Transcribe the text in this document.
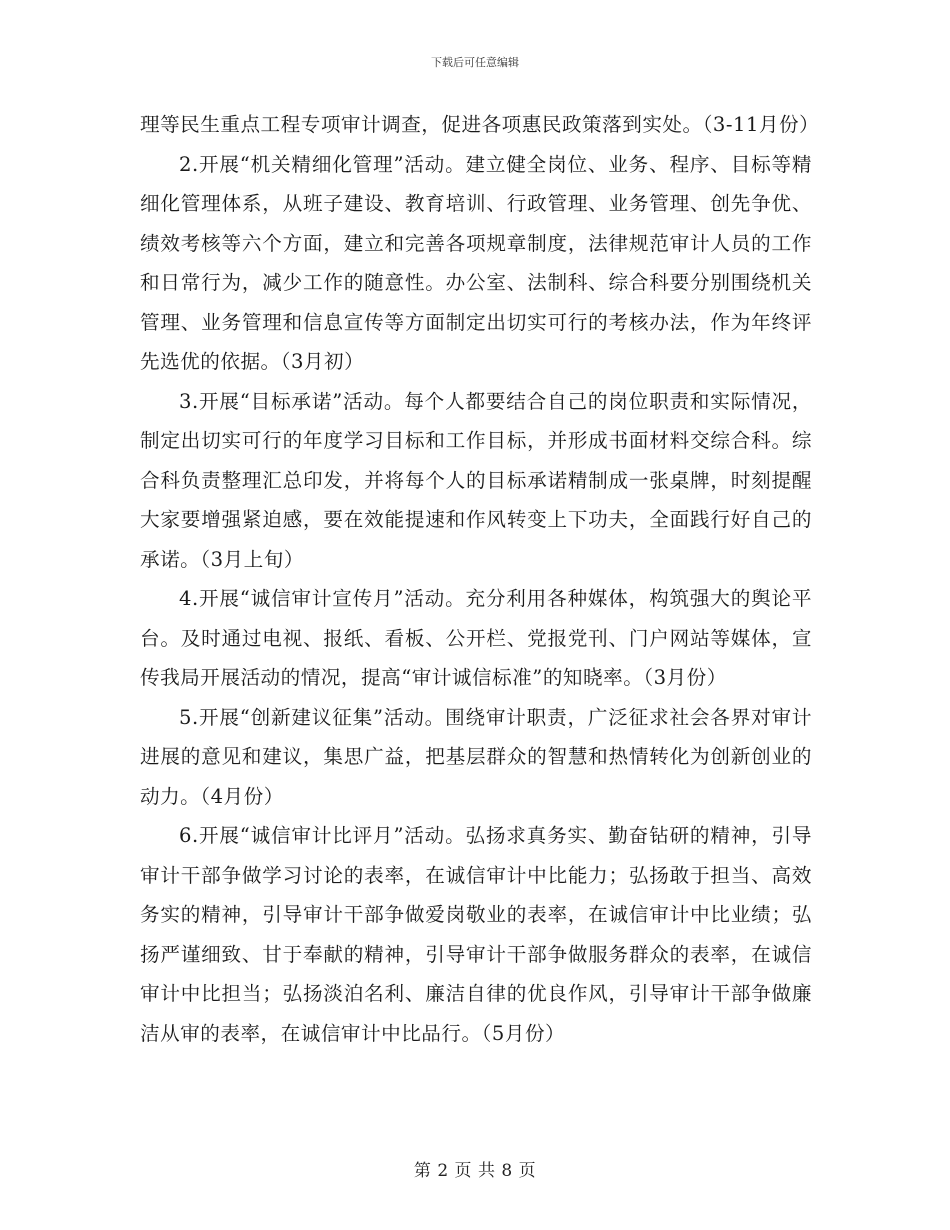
下载后可任意编辑

理等民生重点工程专项审计调查，促进各项惠民政策落到实处。（3-11月份）

2.开展“机关精细化管理”活动。建立健全岗位、业务、程序、目标等精细化管理体系，从班子建设、教育培训、行政管理、业务管理、创先争优、绩效考核等六个方面，建立和完善各项规章制度，法律规范审计人员的工作和日常行为，减少工作的随意性。办公室、法制科、综合科要分别围绕机关管理、业务管理和信息宣传等方面制定出切实可行的考核办法，作为年终评先选优的依据。（3月初）

3.开展“目标承诺”活动。每个人都要结合自己的岗位职责和实际情况，制定出切实可行的年度学习目标和工作目标，并形成书面材料交综合科。综合科负责整理汇总印发，并将每个人的目标承诺精制成一张桌牌，时刻提醒大家要增强紧迫感，要在效能提速和作风转变上下功夫，全面践行好自己的承诺。（3月上旬）

4.开展“诚信审计宣传月”活动。充分利用各种媒体，构筑强大的舆论平台。及时通过电视、报纸、看板、公开栏、党报党刊、门户网站等媒体，宣传我局开展活动的情况，提高“审计诚信标准”的知晓率。（3月份）

5.开展“创新建议征集”活动。围绕审计职责，广泛征求社会各界对审计进展的意见和建议，集思广益，把基层群众的智慧和热情转化为创新创业的动力。（4月份）

6.开展“诚信审计比评月”活动。弘扬求真务实、勤奋钻研的精神，引导审计干部争做学习讨论的表率，在诚信审计中比能力；弘扬敢于担当、高效务实的精神，引导审计干部争做爱岗敬业的表率，在诚信审计中比业绩；弘扬严谨细致、甘于奉献的精神，引导审计干部争做服务群众的表率，在诚信审计中比担当；弘扬淡泊名利、廉洁自律的优良作风，引导审计干部争做廉洁从审的表率，在诚信审计中比品行。（5月份）

第 2 页 共 8 页
